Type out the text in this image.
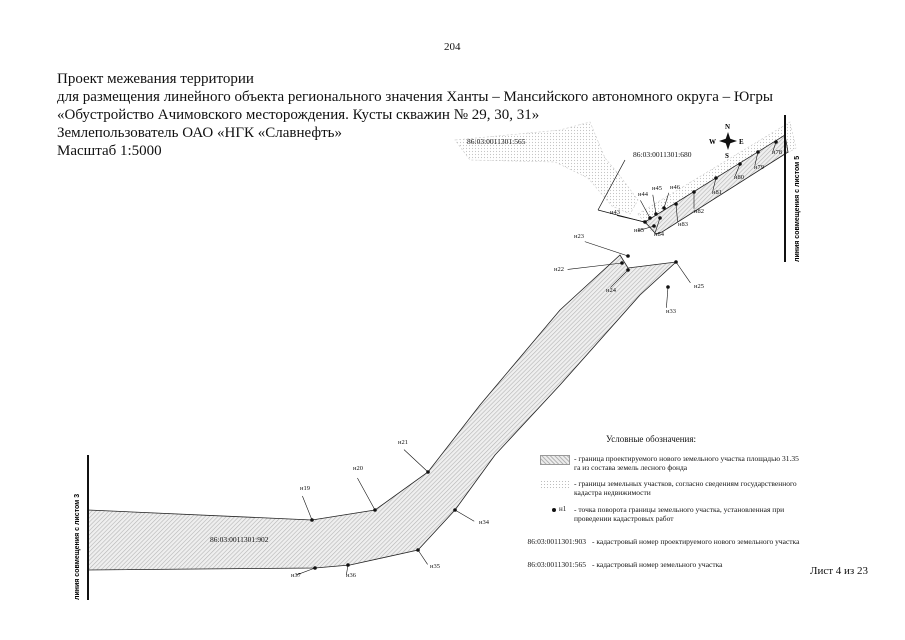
204
Проект межевания территории
для размещения линейного объекта регионального значения Ханты – Мансийского автономного округа – Югры
«Обустройство Ачимовского месторождения. Кусты скважин № 29, 30, 31»
Землепользователь ОАО «НГК «Славнефть»
Масштаб 1:5000
линия совмещения с листом 3
линия совмещения с листом 5
86:03:0011301:565
86:03:0011301:680
86:03:0011301:902
N
S
E
W
н19
н20
н21
н22
н23
н24
н25
н33
н34
н35
н36
н37
н43
н44
н45 н46
н78
н79
н80
н81
н82
н83
н84
н85
Условные обозначения:
- граница проектируемого нового земельного участка площадью 31.35 га из состава земель лесного фонда
- границы земельных участков, согласно сведениям государственного кадастра недвижимости
н1 - точка поворота границы земельного участка, установленная при проведении кадастровых работ
86:03:0011301:903 - кадастровый номер проектируемого нового земельного участка
86:03:0011301:565 - кадастровый номер земельного участка
Лист 4 из 23
